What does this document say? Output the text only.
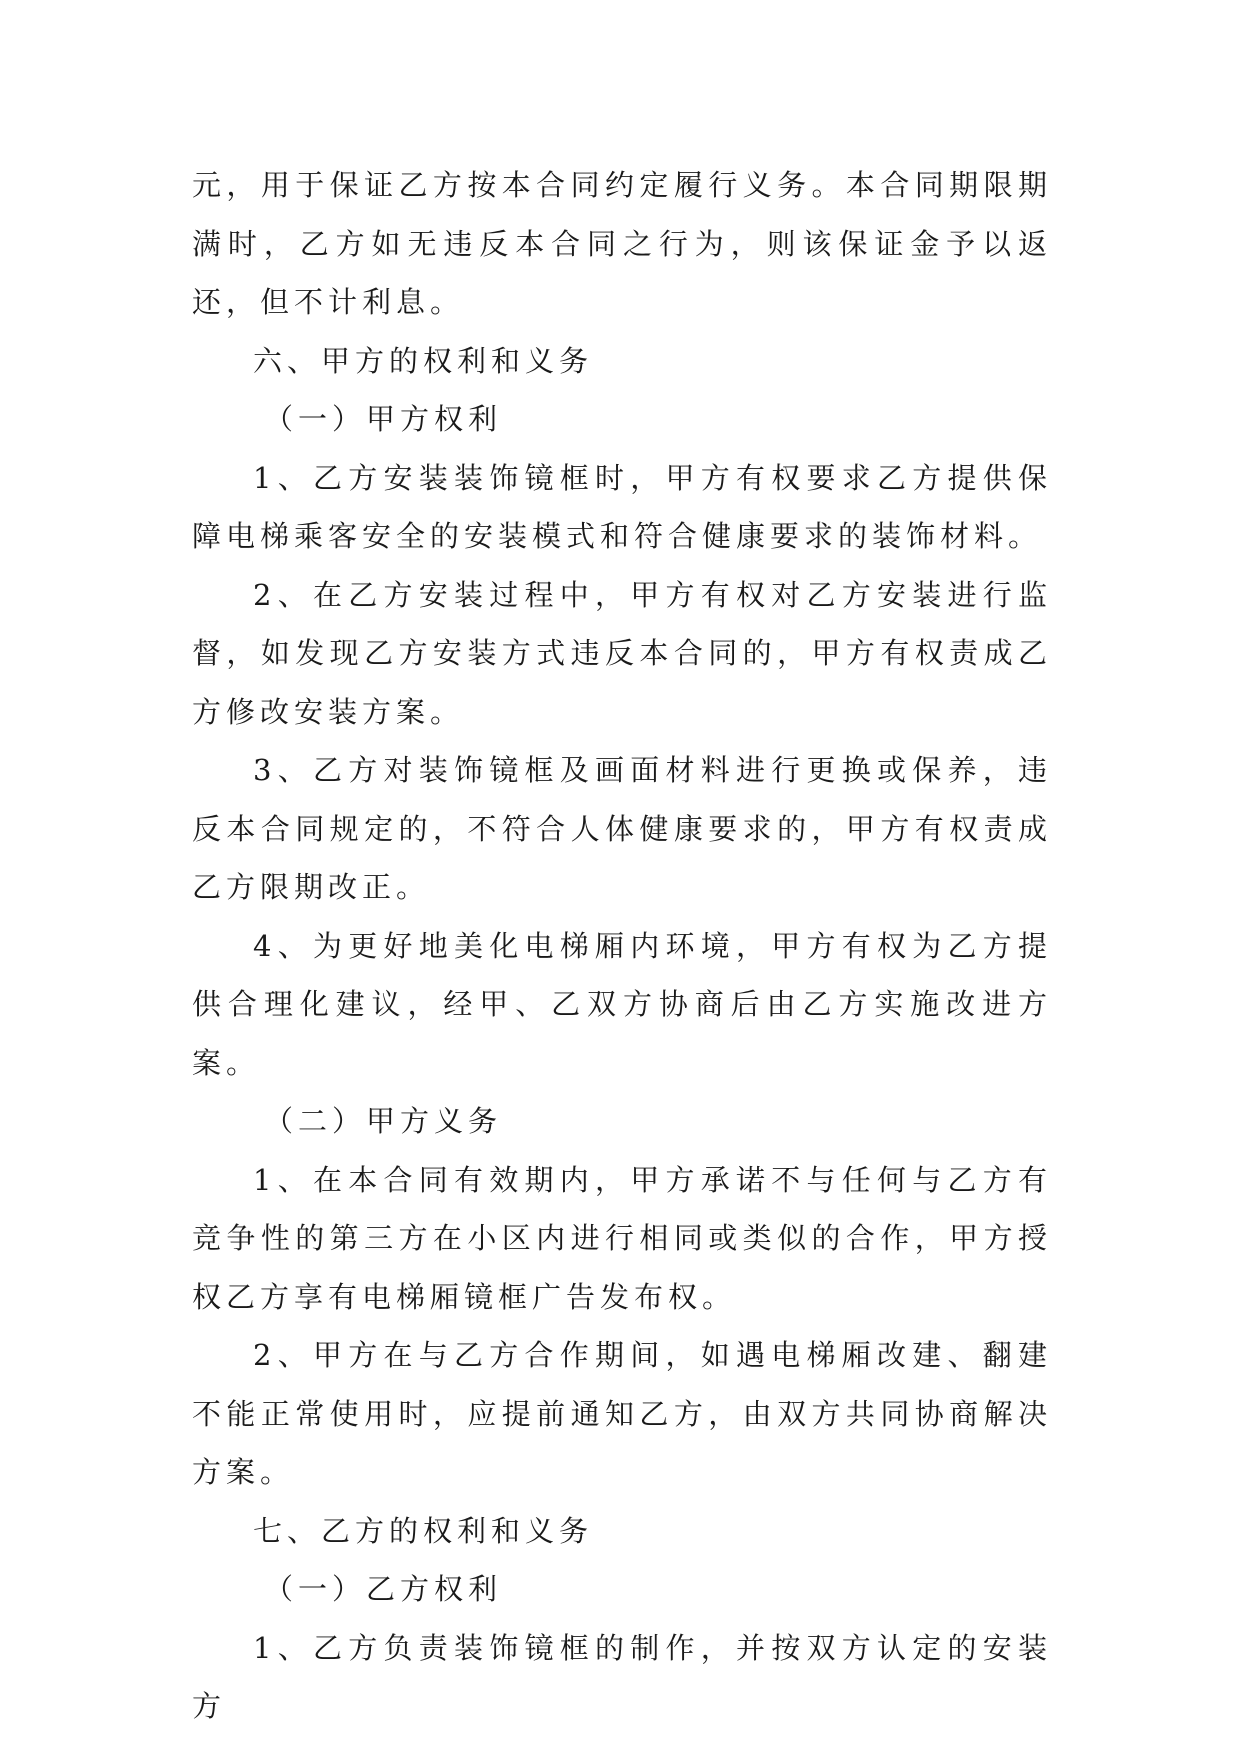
元，用于保证乙方按本合同约定履行义务。本合同期限期满时，乙方如无违反本合同之行为，则该保证金予以返还，但不计利息。

六、甲方的权利和义务

（一）甲方权利

1、乙方安装装饰镜框时，甲方有权要求乙方提供保障电梯乘客安全的安装模式和符合健康要求的装饰材料。

2、在乙方安装过程中，甲方有权对乙方安装进行监督，如发现乙方安装方式违反本合同的，甲方有权责成乙方修改安装方案。

3、乙方对装饰镜框及画面材料进行更换或保养，违反本合同规定的，不符合人体健康要求的，甲方有权责成乙方限期改正。

4、为更好地美化电梯厢内环境，甲方有权为乙方提供合理化建议，经甲、乙双方协商后由乙方实施改进方案。

（二）甲方义务

1、在本合同有效期内，甲方承诺不与任何与乙方有竞争性的第三方在小区内进行相同或类似的合作，甲方授权乙方享有电梯厢镜框广告发布权。

2、甲方在与乙方合作期间，如遇电梯厢改建、翻建不能正常使用时，应提前通知乙方，由双方共同协商解决方案。

七、乙方的权利和义务

（一）乙方权利

1、乙方负责装饰镜框的制作，并按双方认定的安装方
